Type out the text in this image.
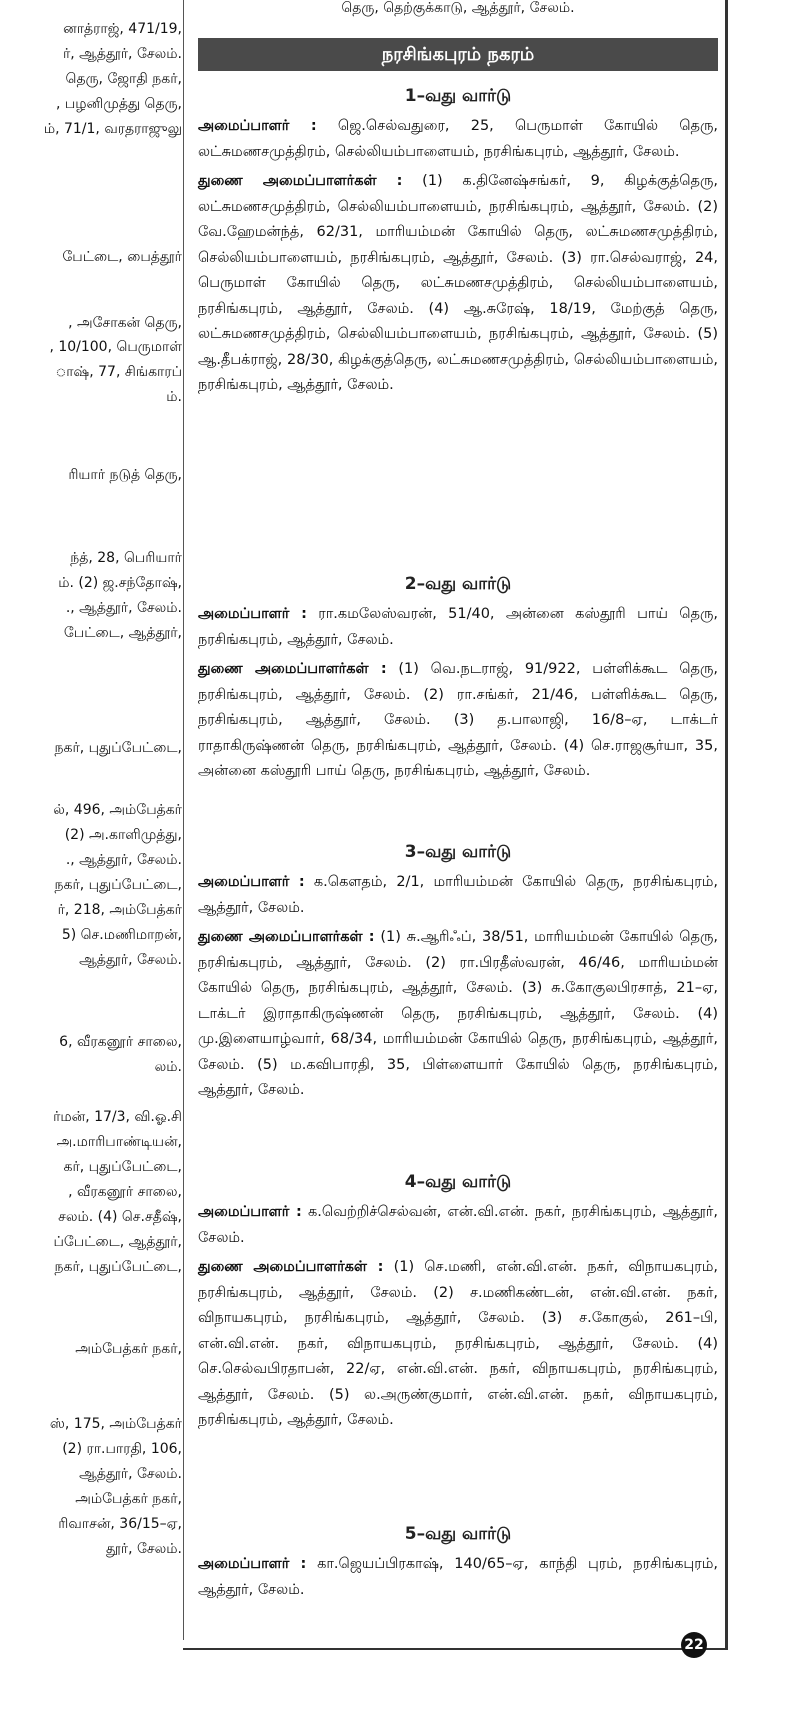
னாத்ராஜ், 471/19,
ர், ஆத்தூர், சேலம்.
தெரு, ஜோதி நகர்,
, பழனிமுத்து தெரு,
ம், 71/1, வரதராஜுலு
பேட்டை, பைத்தூர்
, அசோகன் தெரு,
, 10/100, பெருமாள்
ாஷ், 77, சிங்காரப்
ம்.
ரியார் நடுத் தெரு,
ந்த், 28, பெரியார்
ம். (2) ஜ.சந்தோஷ்,
., ஆத்தூர், சேலம்.
பேட்டை, ஆத்தூர்,
நகர், புதுப்பேட்டை,
ல், 496, அம்பேத்கர்
(2) அ.காளிமுத்து,
., ஆத்தூர், சேலம்.
நகர், புதுப்பேட்டை,
ர், 218, அம்பேத்கர்
5) செ.மணிமாறன்,
ஆத்தூர், சேலம்.
6, வீரகனூர் சாலை,
லம்.
ர்மன், 17/3, வி.ஓ.சி
அ.மாரிபாண்டியன்,
கர், புதுப்பேட்டை,
, வீரகனூர் சாலை,
சலம். (4) செ.சதீஷ்,
ப்பேட்டை, ஆத்தூர்,
நகர், புதுப்பேட்டை,
அம்பேத்கர் நகர்,
ஸ், 175, அம்பேத்கர்
(2) ரா.பாரதி, 106,
ஆத்தூர், சேலம்.
அம்பேத்கர் நகர்,
ரிவாசன், 36/15–ஏ,
தூர், சேலம்.
தெரு, தெற்குக்காடு, ஆத்தூர், சேலம்.
நரசிங்கபுரம் நகரம்
1–வது வார்டு

அமைப்பாளர் : ஜெ.செல்வதுரை, 25, பெருமாள் கோயில் தெரு, லட்சுமணசமுத்திரம், செல்லியம்பாளையம், நரசிங்கபுரம், ஆத்தூர், சேலம்.

துணை அமைப்பாளர்கள் : (1) க.தினேஷ்சங்கர், 9, கிழக்குத்தெரு, லட்சுமணசமுத்திரம், செல்லியம்பாளையம், நரசிங்கபுரம், ஆத்தூர், சேலம். (2) வே.ஹேமன்ந்த், 62/31, மாரியம்மன் கோயில் தெரு, லட்சுமணசமுத்திரம், செல்லியம்பாளையம், நரசிங்கபுரம், ஆத்தூர், சேலம். (3) ரா.செல்வராஜ், 24, பெருமாள் கோயில் தெரு, லட்சுமணசமுத்திரம், செல்லியம்பாளையம், நரசிங்கபுரம், ஆத்தூர், சேலம். (4) ஆ.சுரேஷ், 18/19, மேற்குத் தெரு, லட்சுமணசமுத்திரம், செல்லியம்பாளையம், நரசிங்கபுரம், ஆத்தூர், சேலம். (5) ஆ.தீபக்ராஜ், 28/30, கிழக்குத்தெரு, லட்சுமணசமுத்திரம், செல்லியம்பாளையம், நரசிங்கபுரம், ஆத்தூர், சேலம்.

2–வது வார்டு

அமைப்பாளர் : ரா.கமலேஸ்வரன், 51/40, அன்னை கஸ்தூரி பாய் தெரு, நரசிங்கபுரம், ஆத்தூர், சேலம்.

துணை அமைப்பாளர்கள் : (1) வெ.நடராஜ், 91/922, பள்ளிக்கூட தெரு, நரசிங்கபுரம், ஆத்தூர், சேலம். (2) ரா.சங்கர், 21/46, பள்ளிக்கூட தெரு, நரசிங்கபுரம், ஆத்தூர், சேலம். (3) த.பாலாஜி, 16/8–ஏ, டாக்டர் ராதாகிருஷ்ணன் தெரு, நரசிங்கபுரம், ஆத்தூர், சேலம். (4) செ.ராஜசூர்யா, 35, அன்னை கஸ்தூரி பாய் தெரு, நரசிங்கபுரம், ஆத்தூர், சேலம்.

3–வது வார்டு

அமைப்பாளர் : க.கௌதம், 2/1, மாரியம்மன் கோயில் தெரு, நரசிங்கபுரம், ஆத்தூர், சேலம்.

துணை அமைப்பாளர்கள் : (1) சு.ஆரிஃப், 38/51, மாரியம்மன் கோயில் தெரு, நரசிங்கபுரம், ஆத்தூர், சேலம். (2) ரா.பிரதீஸ்வரன், 46/46, மாரியம்மன் கோயில் தெரு, நரசிங்கபுரம், ஆத்தூர், சேலம். (3) சு.கோகுலபிரசாத், 21–ஏ, டாக்டர் இராதாகிருஷ்ணன் தெரு, நரசிங்கபுரம், ஆத்தூர், சேலம். (4) மு.இளையாழ்வார், 68/34, மாரியம்மன் கோயில் தெரு, நரசிங்கபுரம், ஆத்தூர், சேலம். (5) ம.கவிபாரதி, 35, பிள்ளையார் கோயில் தெரு, நரசிங்கபுரம், ஆத்தூர், சேலம்.

4–வது வார்டு

அமைப்பாளர் : க.வெற்றிச்செல்வன், என்.வி.என். நகர், நரசிங்கபுரம், ஆத்தூர், சேலம்.

துணை அமைப்பாளர்கள் : (1) செ.மணி, என்.வி.என். நகர், விநாயகபுரம், நரசிங்கபுரம், ஆத்தூர், சேலம். (2) ச.மணிகண்டன், என்.வி.என். நகர், விநாயகபுரம், நரசிங்கபுரம், ஆத்தூர், சேலம். (3) ச.கோகுல், 261–பி, என்.வி.என். நகர், விநாயகபுரம், நரசிங்கபுரம், ஆத்தூர், சேலம். (4) செ.செல்வபிரதாபன், 22/ஏ, என்.வி.என். நகர், விநாயகபுரம், நரசிங்கபுரம், ஆத்தூர், சேலம். (5) ல.அருண்குமார், என்.வி.என். நகர், விநாயகபுரம், நரசிங்கபுரம், ஆத்தூர், சேலம்.

5–வது வார்டு

அமைப்பாளர் : கா.ஜெயப்பிரகாஷ், 140/65–ஏ, காந்தி புரம், நரசிங்கபுரம், ஆத்தூர், சேலம்.

22
